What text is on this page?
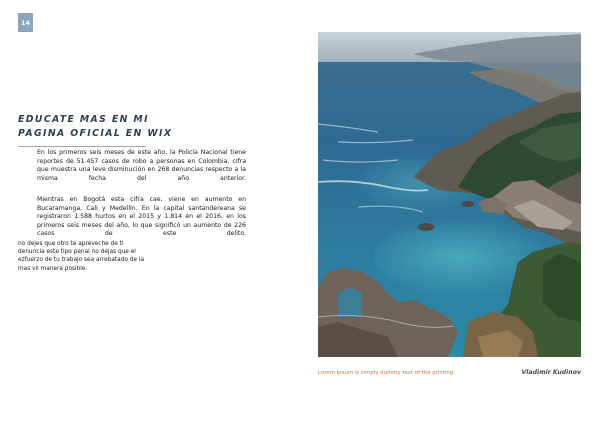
14
EDUCATE MAS EN MI PAGINA OFICIAL EN WIX

En los primeros seis meses de este año, la Policía Nacional tiene reportes de 51.457 casos de robo a personas en Colombia, cifra que muestra una leve disminución en 268 denuncias respecto a la misma fecha del año anterior.

Mientras en Bogotá esta cifra cae, viene en aumento en Bucaramanga, Cali y Medellín. En la capital santandereana se registraron 1.588 hurtos en el 2015 y 1.814 en el 2016, en los primeros seis meses del año, lo que significó un aumento de 226 casos de este delito.

no dejes que otro te apreveche de ti denuncia este tipo penal no dejas que el ezfuerzo de tu trabajo sea arrebatado de la mas vil manera posible.

Lorem Ipsum is simply dummy text of the printing	Vladimir Kudinov
